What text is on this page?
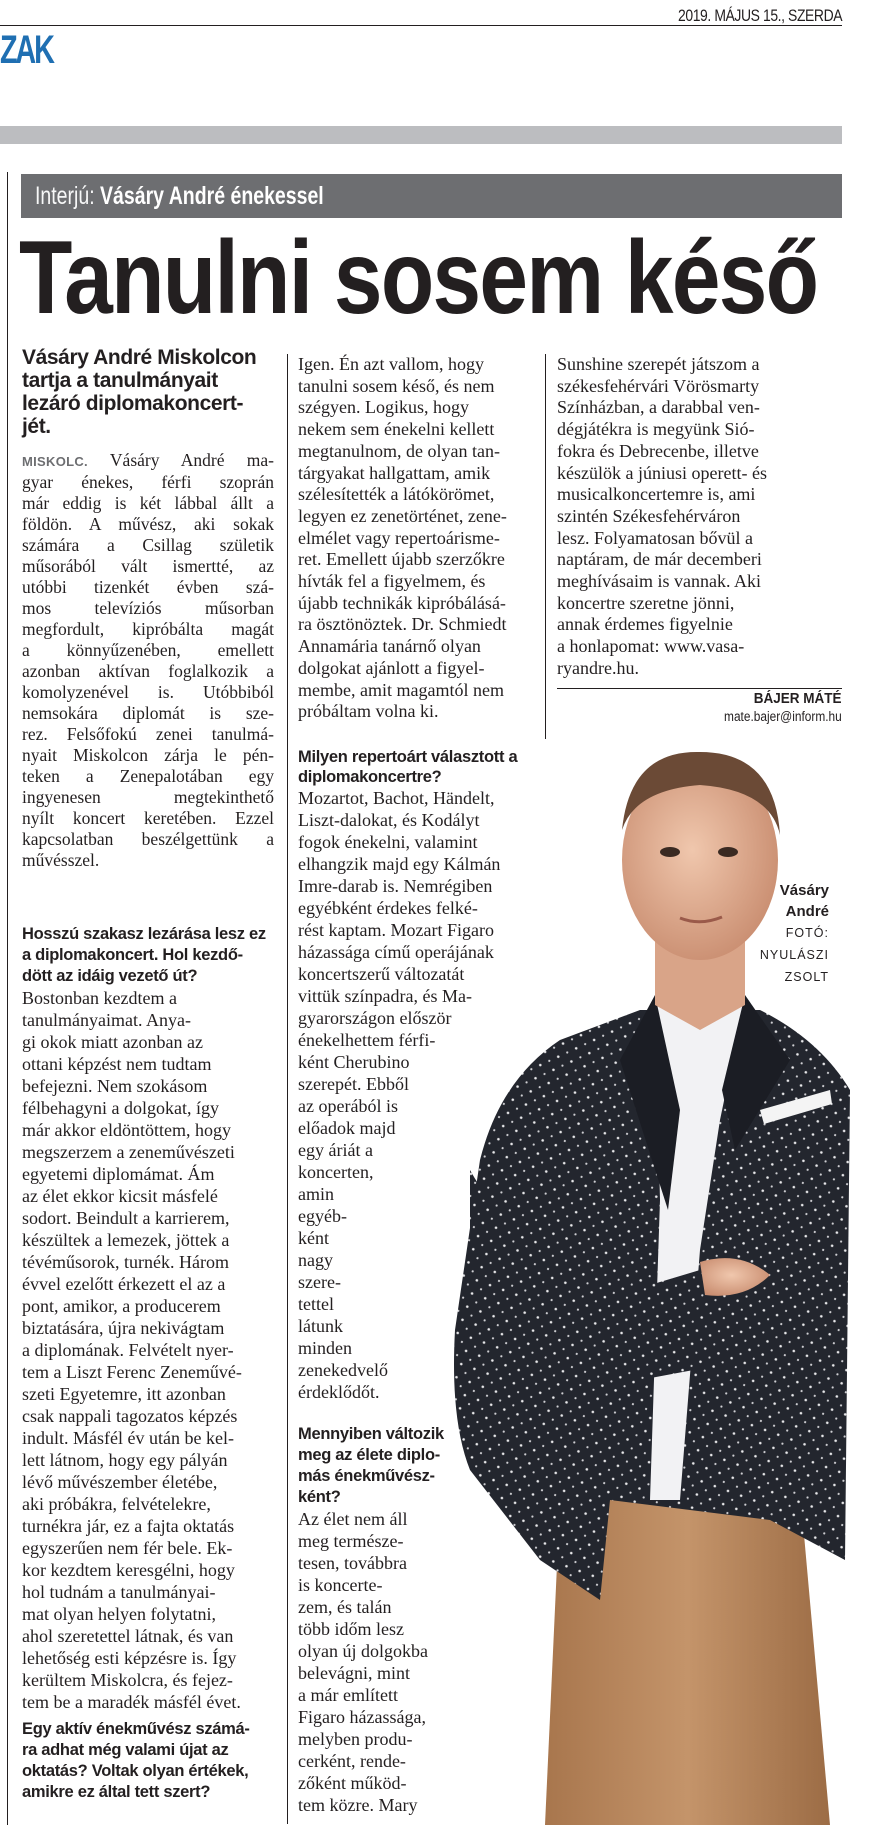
2019. MÁJUS 15., SZERDA
ZAK
Interjú: Vásáry André énekessel
Tanulni sosem késő
Vásáry André Miskolcon
tartja a tanulmányait
lezáró diplomakoncert-
jét.
MISKOLC. Vásáry André ma-
gyar énekes, férfi szoprán
már eddig is két lábbal állt a
földön. A művész, aki sokak
számára a Csillag születik
műsorából vált ismertté, az
utóbbi tizenkét évben szá-
mos televíziós műsorban
megfordult, kipróbálta magát
a könnyűzenében, emellett
azonban aktívan foglalkozik a
komolyzenével is. Utóbbiból
nemsokára diplomát is sze-
rez. Felsőfokú zenei tanulmá-
nyait Miskolcon zárja le pén-
teken a Zenepalotában egy
ingyenesen megtekinthető
nyílt koncert keretében. Ezzel
kapcsolatban beszélgettünk a
művésszel.
Hosszú szakasz lezárása lesz ez
a diplomakoncert. Hol kezdő-
dött az idáig vezető út?
Bostonban kezdtem a
tanulmányaimat. Anya-
gi okok miatt azonban az
ottani képzést nem tudtam
befejezni. Nem szokásom
félbehagyni a dolgokat, így
már akkor eldöntöttem, hogy
megszerzem a zeneművészeti
egyetemi diplomámat. Ám
az élet ekkor kicsit másfelé
sodort. Beindult a karrierem,
készültek a lemezek, jöttek a
tévéműsorok, turnék. Három
évvel ezelőtt érkezett el az a
pont, amikor, a producerem
biztatására, újra nekivágtam
a diplomának. Felvételt nyer-
tem a Liszt Ferenc Zeneművé-
szeti Egyetemre, itt azonban
csak nappali tagozatos képzés
indult. Másfél év után be kel-
lett látnom, hogy egy pályán
lévő művészember életébe,
aki próbákra, felvételekre,
turnékra jár, ez a fajta oktatás
egyszerűen nem fér bele. Ek-
kor kezdtem keresgélni, hogy
hol tudnám a tanulmányai-
mat olyan helyen folytatni,
ahol szeretettel látnak, és van
lehetőség esti képzésre is. Így
kerültem Miskolcra, és fejez-
tem be a maradék másfél évet.
Egy aktív énekművész számá-
ra adhat még valami újat az
oktatás? Voltak olyan értékek,
amikre ez által tett szert?
Igen. Én azt vallom, hogy
tanulni sosem késő, és nem
szégyen. Logikus, hogy
nekem sem énekelni kellett
megtanulnom, de olyan tan-
tárgyakat hallgattam, amik
szélesítették a látókörömet,
legyen ez zenetörténet, zene-
elmélet vagy repertoárisme-
ret. Emellett újabb szerzőkre
hívták fel a figyelmem, és
újabb technikák kipróbálásá-
ra ösztönöztek. Dr. Schmiedt
Annamária tanárnő olyan
dolgokat ajánlott a figyel-
membe, amit magamtól nem
próbáltam volna ki.
Milyen repertoárt választott a
diplomakoncertre?
Mozartot, Bachot, Händelt,
Liszt-dalokat, és Kodályt
fogok énekelni, valamint
elhangzik majd egy Kálmán
Imre-darab is. Nemrégiben
egyébként érdekes felké-
rést kaptam. Mozart Figaro
házassága című operájának
koncertszerű változatát
vittük színpadra, és Ma-
gyarországon először
énekelhettem férfi-
ként Cherubino
szerepét. Ebből
az operából is
előadok majd
egy áriát a
koncerten,
amin
egyéb-
ként
nagy
szere-
tettel
látunk
minden
zenekedvelő
érdeklődőt.
Mennyiben változik
meg az élete diplo-
más énekművész-
ként?
Az élet nem áll
meg természe-
tesen, továbbra
is koncerte-
zem, és talán
több időm lesz
olyan új dolgokba
belevágni, mint
a már említett
Figaro házassága,
melyben produ-
cerként, rende-
zőként működ-
tem közre. Mary
Sunshine szerepét játszom a
székesfehérvári Vörösmarty
Színházban, a darabbal ven-
dégjátékra is megyünk Sió-
fokra és Debrecenbe, illetve
készülök a júniusi operett- és
musicalkoncertemre is, ami
szintén Székesfehérváron
lesz. Folyamatosan bővül a
naptáram, de már decemberi
meghívásaim is vannak. Aki
koncertre szeretne jönni,
annak érdemes figyelnie
a honlapomat: www.vasa-
ryandre.hu.
BÁJER MÁTÉ
mate.bajer@inform.hu
Vásáry
André
FOTÓ:
NYULÁSZI
ZSOLT
